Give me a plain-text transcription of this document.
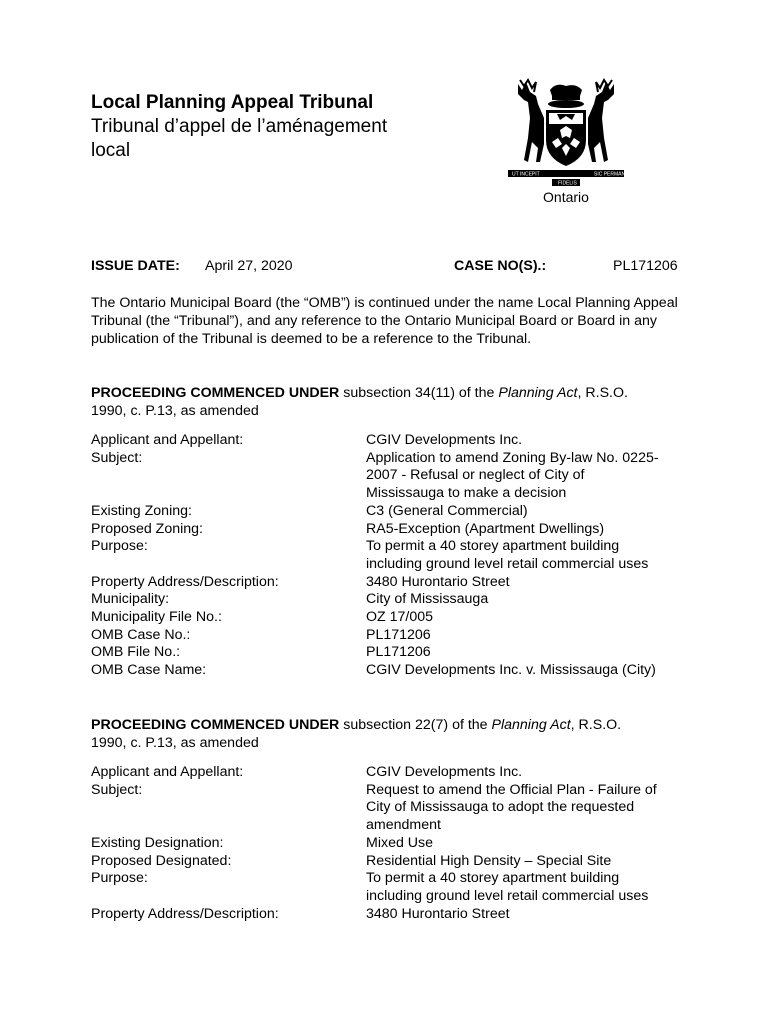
Local Planning Appeal Tribunal
Tribunal d’appel de l’aménagement
local
UT INCEPIT	SIC PERMANET
FIDELIS
Ontario
ISSUE DATE: April 27, 2020	CASE NO(S).:	PL171206
The Ontario Municipal Board (the “OMB”) is continued under the name Local Planning Appeal Tribunal (the “Tribunal”), and any reference to the Ontario Municipal Board or Board in any publication of the Tribunal is deemed to be a reference to the Tribunal.
PROCEEDING COMMENCED UNDER subsection 34(11) of the Planning Act, R.S.O.
1990, c. P.13, as amended
Applicant and Appellant:	CGIV Developments Inc.
Subject:	Application to amend Zoning By-law No. 0225-
2007 - Refusal or neglect of City of
Mississauga to make a decision
Existing Zoning:	C3 (General Commercial)
Proposed Zoning:	RA5-Exception (Apartment Dwellings)
Purpose:	To permit a 40 storey apartment building
including ground level retail commercial uses
Property Address/Description:	3480 Hurontario Street
Municipality:	City of Mississauga
Municipality File No.:	OZ 17/005
OMB Case No.:	PL171206
OMB File No.:	PL171206
OMB Case Name:	CGIV Developments Inc. v. Mississauga (City)
PROCEEDING COMMENCED UNDER subsection 22(7) of the Planning Act, R.S.O.
1990, c. P.13, as amended
Applicant and Appellant:	CGIV Developments Inc.
Subject:	Request to amend the Official Plan - Failure of
City of Mississauga to adopt the requested
amendment
Existing Designation:	Mixed Use
Proposed Designated:	Residential High Density – Special Site
Purpose:	To permit a 40 storey apartment building
including ground level retail commercial uses
Property Address/Description:	3480 Hurontario Street
